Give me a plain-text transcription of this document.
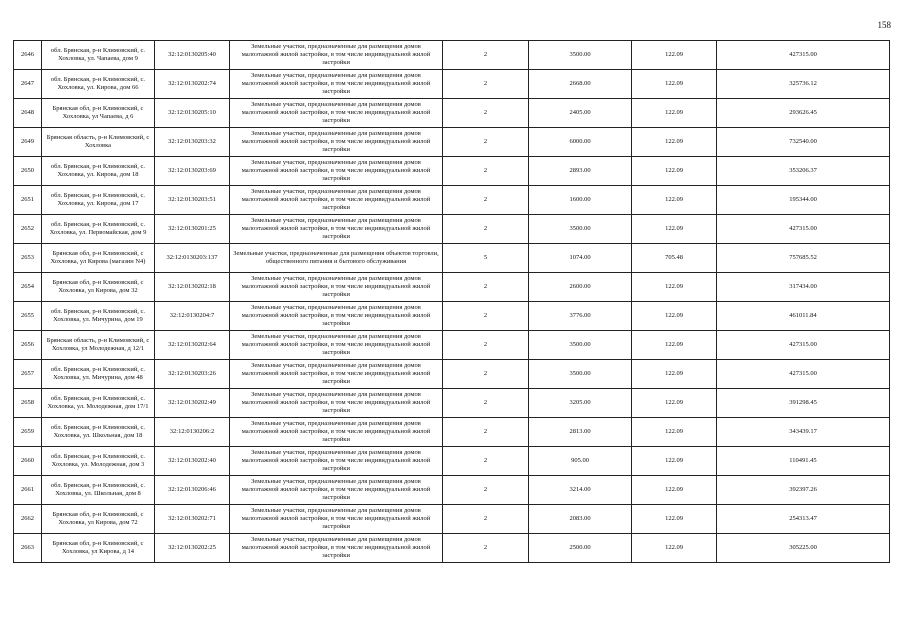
158
2646	обл. Брянская, р-н Климовский, с. Хохловка, ул. Чапаева, дом 9	32:12:0130205:40	Земельные участки, предназначенные для размещения домов малоэтажной жилой застройки, в том числе индивидуальной жилой застройки	2	3500.00	122.09	427315.00
2647	обл. Брянская, р-н Климовский, с. Хохловка, ул. Кирова, дом 66	32:12:0130202:74	Земельные участки, предназначенные для размещения домов малоэтажной жилой застройки, в том числе индивидуальной жилой застройки	2	2668.00	122.09	325736.12
2648	Брянская обл, р-н Климовский, с Хохловка, ул Чапаева, д 6	32:12:0130205:10	Земельные участки, предназначенные для размещения домов малоэтажной жилой застройки, в том числе индивидуальной жилой застройки	2	2405.00	122.09	293626.45
2649	Брянская область, р-н Климовский, с Хохловка	32:12:0130203:32	Земельные участки, предназначенные для размещения домов малоэтажной жилой застройки, в том числе индивидуальной жилой застройки	2	6000.00	122.09	732540.00
2650	обл. Брянская, р-н Климовский, с. Хохловка, ул. Кирова, дом 18	32:12:0130203:69	Земельные участки, предназначенные для размещения домов малоэтажной жилой застройки, в том числе индивидуальной жилой застройки	2	2893.00	122.09	353206.37
2651	обл. Брянская, р-н Климовский, с. Хохловка, ул. Кирова, дом 17	32:12:0130203:51	Земельные участки, предназначенные для размещения домов малоэтажной жилой застройки, в том числе индивидуальной жилой застройки	2	1600.00	122.09	195344.00
2652	обл. Брянская, р-н Климовский, с. Хохловка, ул. Первомайская, дом 9	32:12:0130201:25	Земельные участки, предназначенные для размещения домов малоэтажной жилой застройки, в том числе индивидуальной жилой застройки	2	3500.00	122.09	427315.00
2653	Брянская обл, р-н Климовский, с Хохловка, ул Кирова (магазин N4)	32:12:0130203:137	Земельные участки, предназначенные для размещения объектов торговли, общественного питания и бытового обслуживания	5	1074.00	705.48	757685.52
2654	Брянская обл, р-н Климовский, с Хохловка, ул Кирова, дом 32	32:12:0130202:18	Земельные участки, предназначенные для размещения домов малоэтажной жилой застройки, в том числе индивидуальной жилой застройки	2	2600.00	122.09	317434.00
2655	обл. Брянская, р-н Климовский, с. Хохловка, ул. Мичурина, дом 19	32:12:0130204:7	Земельные участки, предназначенные для размещения домов малоэтажной жилой застройки, в том числе индивидуальной жилой застройки	2	3776.00	122.09	461011.84
2656	Брянская область, р-н Климовский, с Хохловка, ул Молодежная, д 12/1	32:12:0130202:64	Земельные участки, предназначенные для размещения домов малоэтажной жилой застройки, в том числе индивидуальной жилой застройки	2	3500.00	122.09	427315.00
2657	обл. Брянская, р-н Климовский, с. Хохловка, ул. Мичурина, дом 48	32:12:0130203:26	Земельные участки, предназначенные для размещения домов малоэтажной жилой застройки, в том числе индивидуальной жилой застройки	2	3500.00	122.09	427315.00
2658	обл. Брянская, р-н Климовский, с. Хохловка, ул. Молодежная, дом 17/1	32:12:0130202:49	Земельные участки, предназначенные для размещения домов малоэтажной жилой застройки, в том числе индивидуальной жилой застройки	2	3205.00	122.09	391298.45
2659	обл. Брянская, р-н Климовский, с. Хохловка, ул. Школьная, дом 18	32:12:0130206:2	Земельные участки, предназначенные для размещения домов малоэтажной жилой застройки, в том числе индивидуальной жилой застройки	2	2813.00	122.09	343439.17
2660	обл. Брянская, р-н Климовский, с. Хохловка, ул. Молодежная, дом 3	32:12:0130202:40	Земельные участки, предназначенные для размещения домов малоэтажной жилой застройки, в том числе индивидуальной жилой застройки	2	905.00	122.09	110491.45
2661	обл. Брянская, р-н Климовский, с. Хохловка, ул. Школьная, дом 8	32:12:0130206:46	Земельные участки, предназначенные для размещения домов малоэтажной жилой застройки, в том числе индивидуальной жилой застройки	2	3214.00	122.09	392397.26
2662	Брянская обл, р-н Климовский, с Хохловка, ул Кирова, дом 72	32:12:0130202:71	Земельные участки, предназначенные для размещения домов малоэтажной жилой застройки, в том числе индивидуальной жилой застройки	2	2083.00	122.09	254313.47
2663	Брянская обл, р-н Климовский, с Хохловка, ул Кирова, д 14	32:12:0130202:25	Земельные участки, предназначенные для размещения домов малоэтажной жилой застройки, в том числе индивидуальной жилой застройки	2	2500.00	122.09	305225.00
